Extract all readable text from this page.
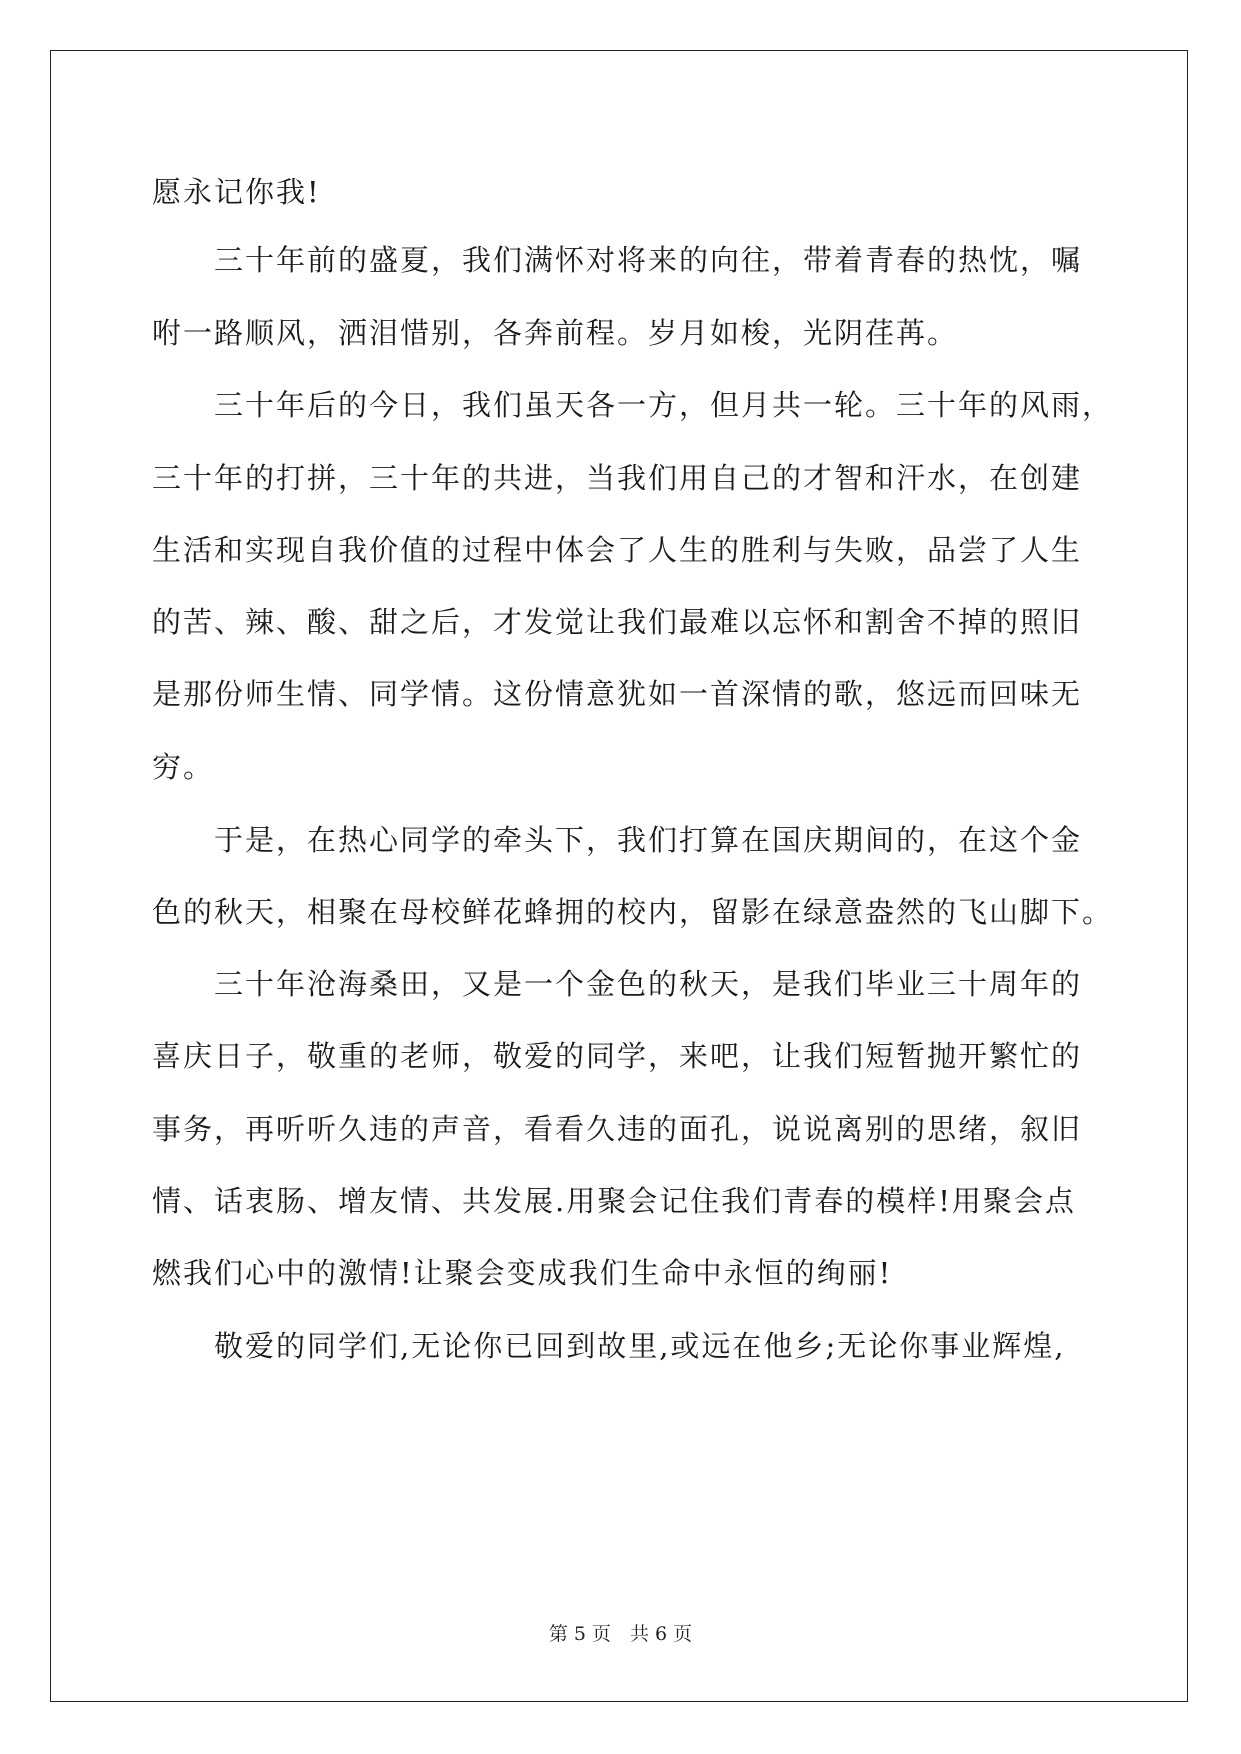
愿永记你我!

　　三十年前的盛夏，我们满怀对将来的向往，带着青春的热忱，嘱

咐一路顺风，洒泪惜别，各奔前程。岁月如梭，光阴荏苒。

　　三十年后的今日，我们虽天各一方，但月共一轮。三十年的风雨，

三十年的打拼，三十年的共进，当我们用自己的才智和汗水，在创建

生活和实现自我价值的过程中体会了人生的胜利与失败，品尝了人生

的苦、辣、酸、甜之后，才发觉让我们最难以忘怀和割舍不掉的照旧

是那份师生情、同学情。这份情意犹如一首深情的歌，悠远而回味无

穷。

　　于是，在热心同学的牵头下，我们打算在国庆期间的，在这个金

色的秋天，相聚在母校鲜花蜂拥的校内，留影在绿意盎然的飞山脚下。

　　三十年沧海桑田，又是一个金色的秋天，是我们毕业三十周年的

喜庆日子，敬重的老师，敬爱的同学，来吧，让我们短暂抛开繁忙的

事务，再听听久违的声音，看看久违的面孔，说说离别的思绪，叙旧

情、话衷肠、增友情、共发展.用聚会记住我们青春的模样!用聚会点

燃我们心中的激情!让聚会变成我们生命中永恒的绚丽!

　　敬爱的同学们,无论你已回到故里,或远在他乡;无论你事业辉煌,

第 5 页　共 6 页
